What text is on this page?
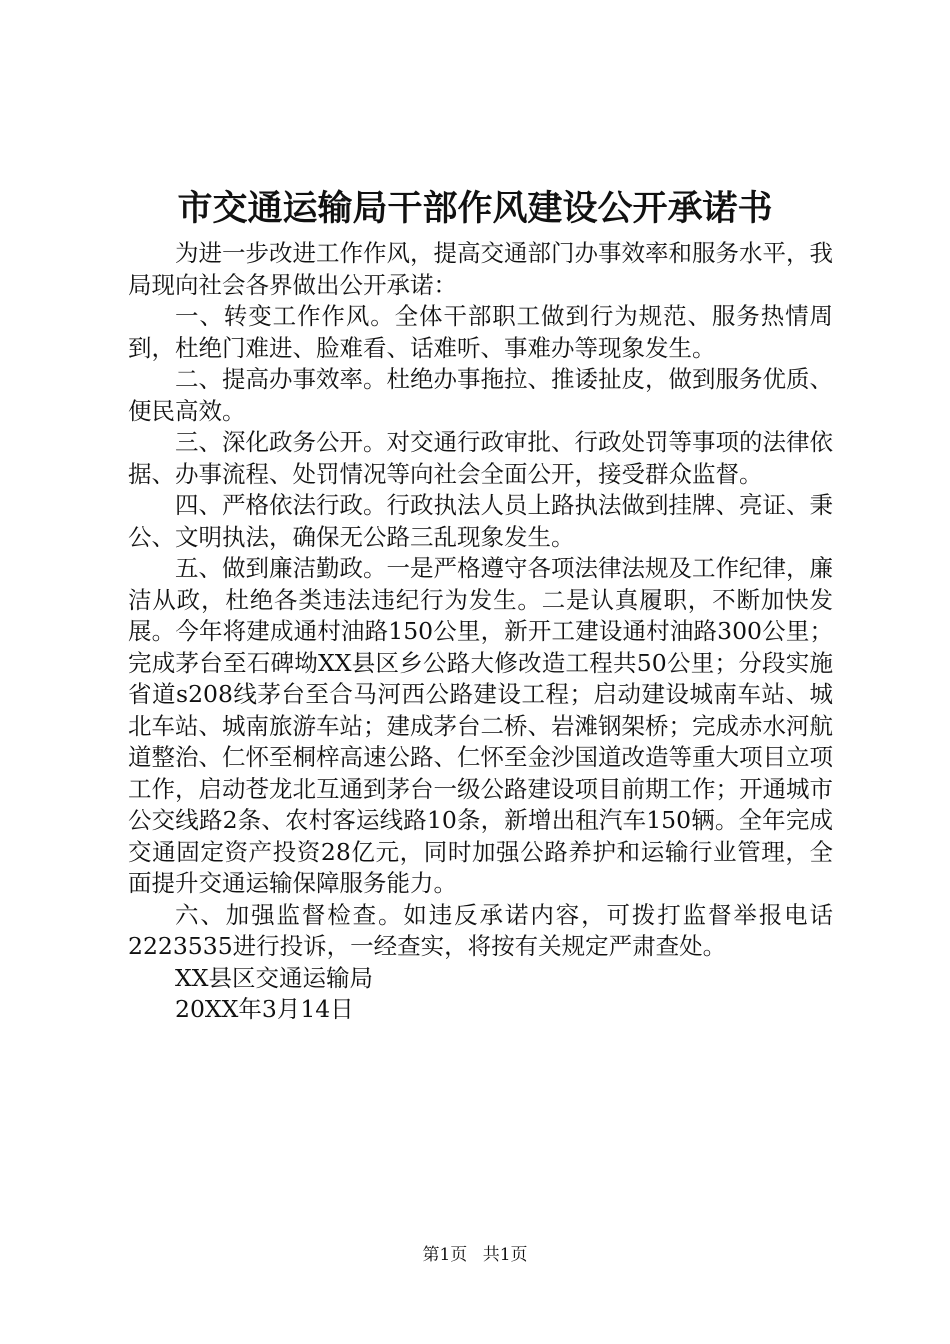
市交通运输局干部作风建设公开承诺书

为进一步改进工作作风，提高交通部门办事效率和服务水平，我局现向社会各界做出公开承诺：

一、转变工作作风。全体干部职工做到行为规范、服务热情周到，杜绝门难进、脸难看、话难听、事难办等现象发生。

二、提高办事效率。杜绝办事拖拉、推诿扯皮，做到服务优质、便民高效。

三、深化政务公开。对交通行政审批、行政处罚等事项的法律依据、办事流程、处罚情况等向社会全面公开，接受群众监督。

四、严格依法行政。行政执法人员上路执法做到挂牌、亮证、秉公、文明执法，确保无公路三乱现象发生。

五、做到廉洁勤政。一是严格遵守各项法律法规及工作纪律，廉洁从政，杜绝各类违法违纪行为发生。二是认真履职，不断加快发展。今年将建成通村油路150公里，新开工建设通村油路300公里；完成茅台至石碑坳XX县区乡公路大修改造工程共50公里；分段实施省道s208线茅台至合马河西公路建设工程；启动建设城南车站、城北车站、城南旅游车站；建成茅台二桥、岩滩钢架桥；完成赤水河航道整治、仁怀至桐梓高速公路、仁怀至金沙国道改造等重大项目立项工作，启动苍龙北互通到茅台一级公路建设项目前期工作；开通城市公交线路2条、农村客运线路10条，新增出租汽车150辆。全年完成交通固定资产投资28亿元，同时加强公路养护和运输行业管理，全面提升交通运输保障服务能力。

六、加强监督检查。如违反承诺内容，可拨打监督举报电话2223535进行投诉，一经查实，将按有关规定严肃查处。

XX县区交通运输局

20XX年3月14日

第1页 共1页
